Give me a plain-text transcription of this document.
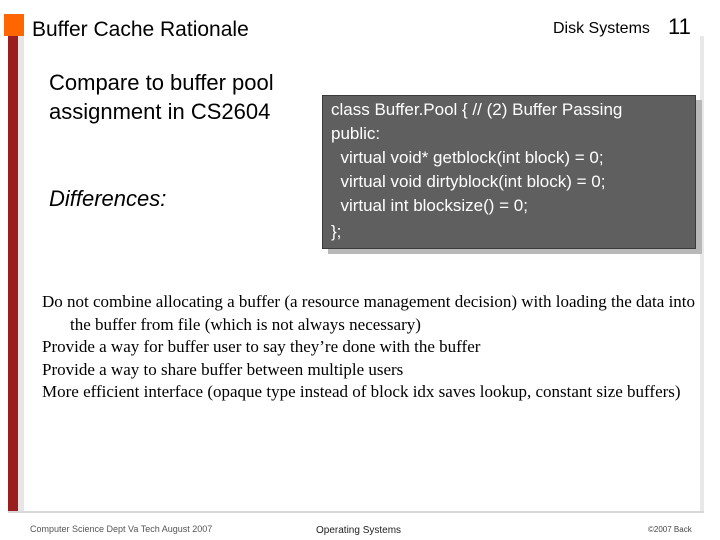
Buffer Cache Rationale	Disk Systems 11
Compare to buffer pool assignment in CS2604
Differences:
class Buffer.Pool { // (2) Buffer Passing
public:
virtual void* getblock(int block) = 0;
virtual void dirtyblock(int block) = 0;
virtual int blocksize() = 0;
};

Do not combine allocating a buffer (a resource management decision) with loading the data into the buffer from file (which is not always necessary)

Provide a way for buffer user to say they’re done with the buffer

Provide a way to share buffer between multiple users

More efficient interface (opaque type instead of block idx saves lookup, constant size buffers)

Computer Science Dept Va Tech August 2007	Operating Systems	©2007 Back
